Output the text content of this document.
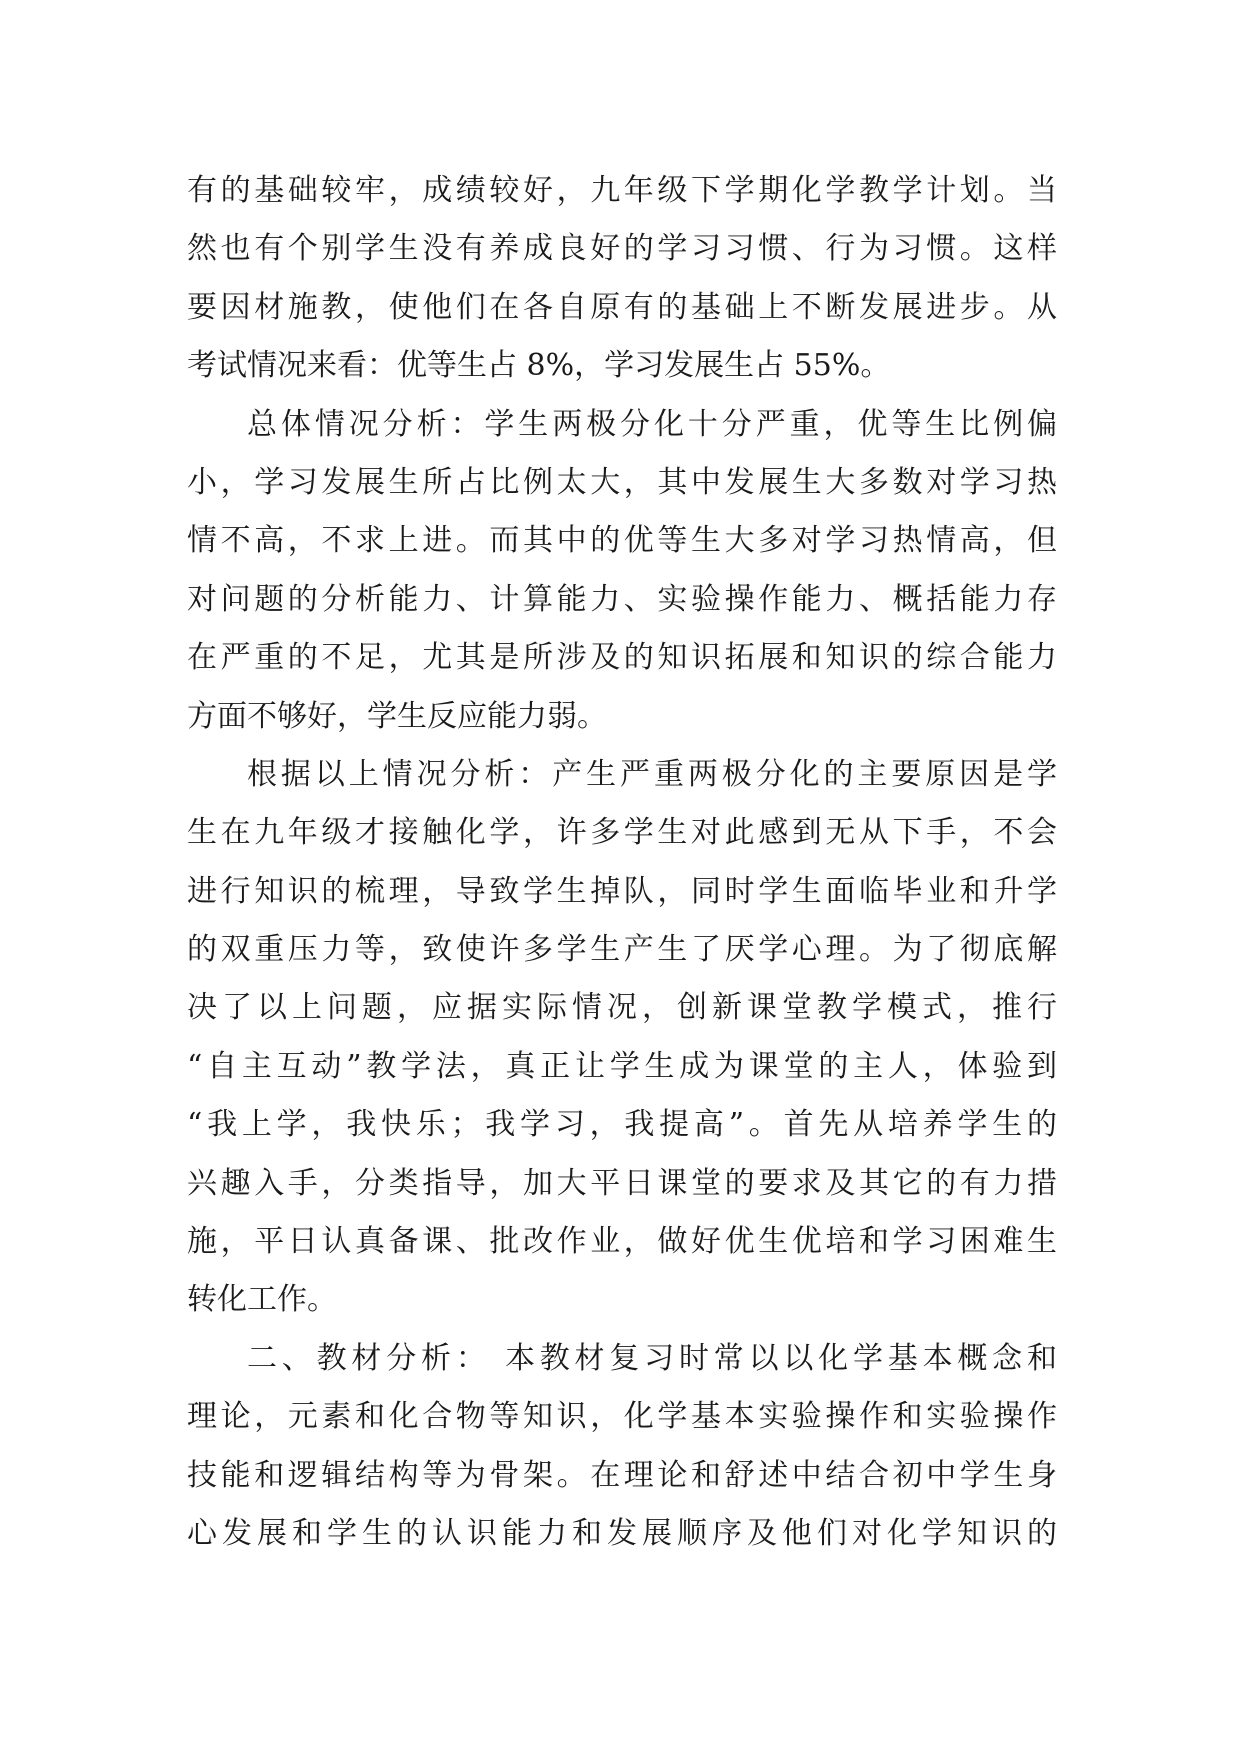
有的基础较牢，成绩较好，九年级下学期化学教学计划。当
然也有个别学生没有养成良好的学习习惯、行为习惯。这样
要因材施教，使他们在各自原有的基础上不断发展进步。从
考试情况来看：优等生占 8%，学习发展生占 55%。
总体情况分析：学生两极分化十分严重，优等生比例偏
小，学习发展生所占比例太大，其中发展生大多数对学习热
情不高，不求上进。而其中的优等生大多对学习热情高，但
对问题的分析能力、计算能力、实验操作能力、概括能力存
在严重的不足，尤其是所涉及的知识拓展和知识的综合能力
方面不够好，学生反应能力弱。
根据以上情况分析：产生严重两极分化的主要原因是学
生在九年级才接触化学，许多学生对此感到无从下手，不会
进行知识的梳理，导致学生掉队，同时学生面临毕业和升学
的双重压力等，致使许多学生产生了厌学心理。为了彻底解
决了以上问题，应据实际情况，创新课堂教学模式，推行
“自主互动”教学法，真正让学生成为课堂的主人，体验到
“我上学，我快乐；我学习，我提高”。首先从培养学生的
兴趣入手，分类指导，加大平日课堂的要求及其它的有力措
施，平日认真备课、批改作业，做好优生优培和学习困难生
转化工作。
二、教材分析： 本教材复习时常以以化学基本概念和
理论，元素和化合物等知识，化学基本实验操作和实验操作
技能和逻辑结构等为骨架。在理论和舒述中结合初中学生身
心发展和学生的认识能力和发展顺序及他们对化学知识的
